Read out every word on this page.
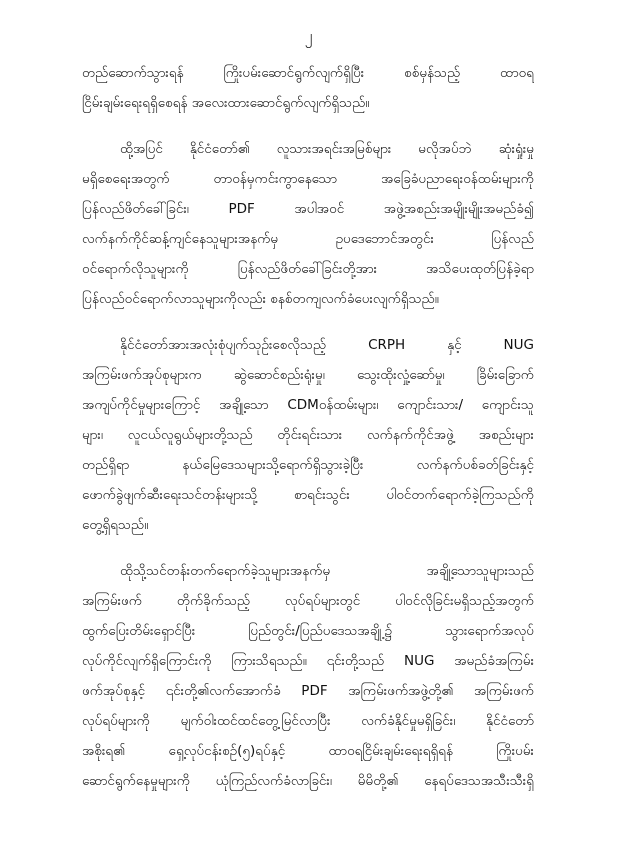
၂
တည်ဆောက်သွားရန် ကြိုးပမ်းဆောင်ရွက်လျက်ရှိပြီး စစ်မှန်သည့် ထာဝရ
ငြိမ်းချမ်းရေးရရှိစေရန် အလေးထားဆောင်ရွက်လျက်ရှိသည်။
ထို့အပြင် နိုင်ငံတော်၏ လူသားအရင်းအမြစ်များ မလိုအပ်ဘဲ ဆုံးရှုံးမှု
မရှိစေရေးအတွက် တာဝန်မှကင်းကွာနေသော အခြေခံပညာရေးဝန်ထမ်းများကို
ပြန်လည်ဖိတ်ခေါ်ခြင်း၊ PDF အပါအဝင် အဖွဲ့အစည်းအမျိုးမျိုးအမည်ခံ၍
လက်နက်ကိုင်ဆန့်ကျင်နေသူများအနက်မှ ဥပဒေဘောင်အတွင်း ပြန်လည်
ဝင်ရောက်လိုသူများကို ပြန်လည်ဖိတ်ခေါ်ခြင်းတို့အား အသိပေးထုတ်ပြန်ခဲ့ရာ
ပြန်လည်ဝင်ရောက်လာသူများကိုလည်း စနစ်တကျလက်ခံပေးလျက်ရှိသည်။
နိုင်ငံတော်အားအလုံးစုံပျက်သုဉ်းစေလိုသည့် CRPH နှင့် NUG
အကြမ်းဖက်အုပ်စုများက ဆွဲဆောင်စည်းရုံးမှု၊ သွေးထိုးလှုံ့ဆော်မှု၊ ခြိမ်းခြောက်
အကျပ်ကိုင်မှုများကြောင့် အချို့သော CDMဝန်ထမ်းများ၊ ကျောင်းသား/ ကျောင်းသူ
များ၊ လူငယ်လူရွယ်များတို့သည် တိုင်းရင်းသား လက်နက်ကိုင်အဖွဲ့ အစည်းများ
တည်ရှိရာ နယ်မြေဒေသများသို့ရောက်ရှိသွားခဲ့ပြီး လက်နက်ပစ်ခတ်ခြင်းနှင့်
ဖောက်ခွဲဖျက်ဆီးရေးသင်တန်းများသို့ စာရင်းသွင်း ပါဝင်တက်ရောက်ခဲ့ကြသည်ကို
တွေ့ရှိရသည်။
ထိုသို့သင်တန်းတက်ရောက်ခဲ့သူများအနက်မှ အချို့သောသူများသည်
အကြမ်းဖက် တိုက်ခိုက်သည့် လုပ်ရပ်များတွင် ပါဝင်လိုခြင်းမရှိသည့်အတွက်
ထွက်ပြေးတိမ်းရှောင်ပြီး ပြည်တွင်း/ပြည်ပဒေသအချို့၌ သွားရောက်အလုပ်
လုပ်ကိုင်လျက်ရှိကြောင်းကို ကြားသိရသည်။ ၎င်းတို့သည် NUG အမည်ခံအကြမ်း
ဖက်အုပ်စုနှင့် ၎င်းတို့၏လက်အောက်ခံ PDF အကြမ်းဖက်အဖွဲ့တို့၏ အကြမ်းဖက်
လုပ်ရပ်များကို မျက်ဝါးထင်ထင်တွေ့မြင်လာပြီး လက်ခံနိုင်မှုမရှိခြင်း၊ နိုင်ငံတော်
အစိုးရ၏ ရှေ့လုပ်ငန်းစဉ်(၅)ရပ်နှင့် ထာဝရငြိမ်းချမ်းရေးရရှိရန် ကြိုးပမ်း
ဆောင်ရွက်နေမှုများကို ယုံကြည်လက်ခံလာခြင်း၊ မိမိတို့၏ နေရပ်ဒေသအသီးသီးရှိ
